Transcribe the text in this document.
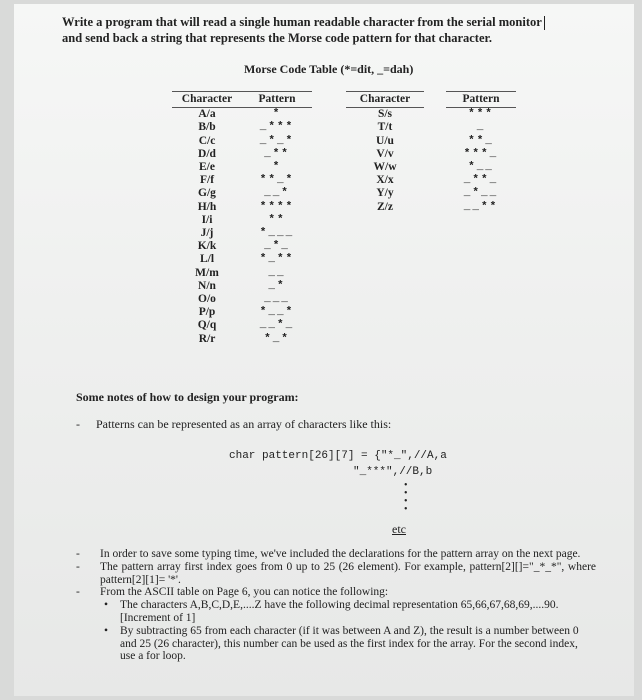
Write a program that will read a single human readable character from the serial monitor

and send back a string that represents the Morse code pattern for that character.

Morse Code Table (*=dit, _=dah)
Character	Pattern
A/a	*
B/b	_***
C/c	_*_*
D/d	_**
E/e	*
F/f	**_*
G/g	__*
H/h	****
I/i	**
J/j	*___
K/k	_*_
L/l	*_**
M/m	__
N/n	_*
O/o	___
P/p	*__*
Q/q	__*_
R/r	*_*
Character		Pattern
S/s		***
T/t		_
U/u		**_
V/v		***_
W/w		*__
X/x		_**_
Y/y		_*__
Z/z		__**
Some notes of how to design your program:
- Patterns can be represented as an array of characters like this:
char pattern[26][7] = {"*_",//A,a
"_***",//B,b
•
•
•
•
etc
-	In order to save some typing time, we've included the declarations for the pattern array on the next page.
-	The pattern array first index goes from 0 up to 25 (26 element). For example, pattern[2][]="_*_*", where pattern[2][1]= '*'.
-	From the ASCII table on Page 6, you can notice the following:
• The characters A,B,C,D,E,....Z have the following decimal representation 65,66,67,68,69,....90. [Increment of 1]
• By subtracting 65 from each character (if it was between A and Z), the result is a number between 0 and 25 (26 character), this number can be used as the first index for the array. For the second index, use a for loop.
